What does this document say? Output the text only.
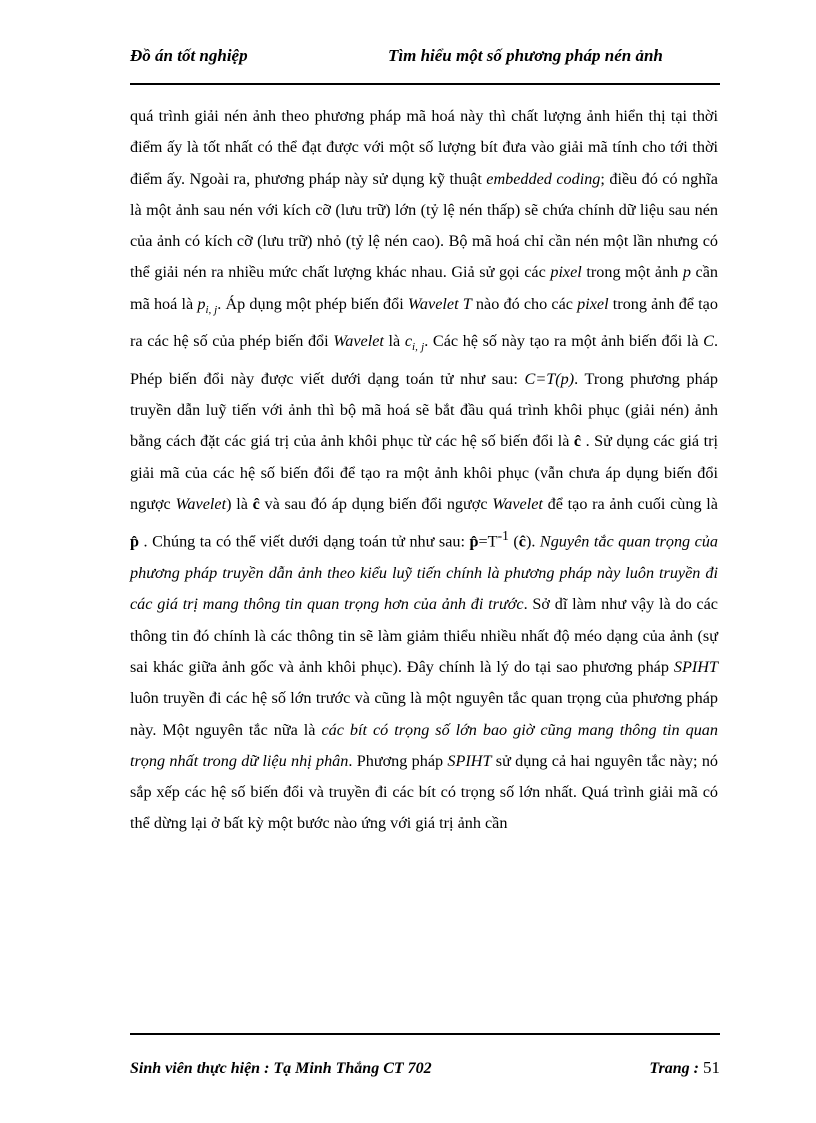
Đồ án tốt nghiệp	Tìm hiểu một số phương pháp nén ảnh

quá trình giải nén ảnh theo phương pháp mã hoá này thì chất lượng ảnh hiển thị tại thời điểm ấy là tốt nhất có thể đạt được với một số lượng bít đưa vào giải mã tính cho tới thời điểm ấy. Ngoài ra, phương pháp này sử dụng kỹ thuật embedded coding; điều đó có nghĩa là một ảnh sau nén với kích cỡ (lưu trữ) lớn (tỷ lệ nén thấp) sẽ chứa chính dữ liệu sau nén của ảnh có kích cỡ (lưu trữ) nhỏ (tỷ lệ nén cao). Bộ mã hoá chỉ cần nén một lần nhưng có thể giải nén ra nhiều mức chất lượng khác nhau. Giả sử gọi các pixel trong một ảnh p cần mã hoá là $p_{i, j}$. Áp dụng một phép biến đổi Wavelet T nào đó cho các pixel trong ảnh để tạo ra các hệ số của phép biến đổi Wavelet là $c_{i, j}$. Các hệ số này tạo ra một ảnh biến đổi là C. Phép biến đổi này được viết dưới dạng toán tử như sau: C=T(p). Trong phương pháp truyền dẫn luỹ tiến với ảnh thì bộ mã hoá sẽ bắt đầu quá trình khôi phục (giải nén) ảnh bằng cách đặt các giá trị của ảnh khôi phục từ các hệ số biến đổi là ĉ . Sử dụng các giá trị giải mã của các hệ số biến đổi để tạo ra một ảnh khôi phục (vẫn chưa áp dụng biến đổi ngược Wavelet) là ĉ và sau đó áp dụng biến đổi ngược Wavelet để tạo ra ảnh cuối cùng là p̂ . Chúng ta có thể viết dưới dạng toán tử như sau: $p̂=T^{-1}$ (ĉ). Nguyên tắc quan trọng của phương pháp truyền dẫn ảnh theo kiểu luỹ tiến chính là phương pháp này luôn truyền đi các giá trị mang thông tin quan trọng hơn của ảnh đi trước. Sở dĩ làm như vậy là do các thông tin đó chính là các thông tin sẽ làm giảm thiểu nhiều nhất độ méo dạng của ảnh (sự sai khác giữa ảnh gốc và ảnh khôi phục). Đây chính là lý do tại sao phương pháp SPIHT luôn truyền đi các hệ số lớn trước và cũng là một nguyên tắc quan trọng của phương pháp này. Một nguyên tắc nữa là các bít có trọng số lớn bao giờ cũng mang thông tin quan trọng nhất trong dữ liệu nhị phân. Phương pháp SPIHT sử dụng cả hai nguyên tắc này; nó sắp xếp các hệ số biến đổi và truyền đi các bít có trọng số lớn nhất. Quá trình giải mã có thể dừng lại ở bất kỳ một bước nào ứng với giá trị ảnh cần

Sinh viên thực hiện : Tạ Minh Thắng CT 702	Trang : 51
